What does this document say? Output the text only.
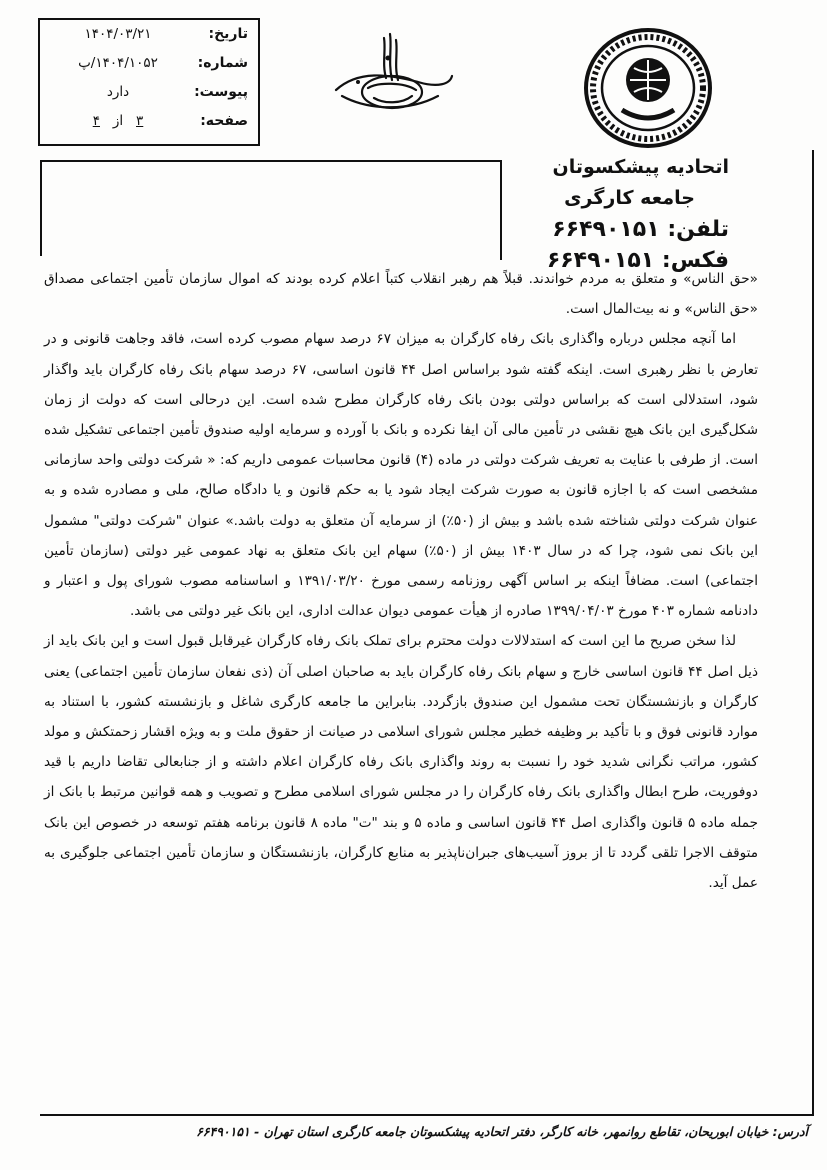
تاریخ:
۱۴۰۴/۰۳/۲۱
شماره:
۱۴۰۴/۱۰۵۲/پ
پیوست:
دارد
صفحه:
۳   از   ۴
اتحادیه پیشکسوتان
جامعه کارگری
تلفن: ۶۶۴۹۰۱۵۱
فکس: ۶۶۴۹۰۱۵۱

«حق الناس» و متعلق به مردم خواندند. قبلاً هم رهبر انقلاب کتباً اعلام کرده بودند که اموال سازمان تأمین اجتماعی مصداق «حق الناس» و نه بیت‌المال است.

اما آنچه مجلس درباره واگذاری بانک رفاه کارگران به میزان ۶۷ درصد سهام مصوب کرده است، فاقد وجاهت قانونی و در تعارض با نظر رهبری است. اینکه گفته شود براساس اصل ۴۴ قانون اساسی، ۶۷ درصد سهام بانک رفاه کارگران باید واگذار شود، استدلالی است که براساس دولتی بودن بانک رفاه کارگران مطرح شده است. این درحالی است که دولت از زمان شکل‌گیری این بانک هیچ نقشی در تأمین مالی آن ایفا نکرده و بانک با آورده و سرمایه اولیه صندوق تأمین اجتماعی تشکیل شده است. از طرفی با عنایت به تعریف شرکت دولتی در ماده (۴) قانون محاسبات عمومی داریم که: « شرکت دولتی واحد سازمانی مشخصی است که با اجازه قانون به صورت شرکت ایجاد شود یا به حکم قانون و یا دادگاه صالح، ملی و مصادره شده و به عنوان شرکت دولتی شناخته شده باشد و بیش از (۵۰٪) از سرمایه آن متعلق به دولت باشد.» عنوان "شرکت دولتی" مشمول این بانک نمی شود، چرا که در سال ۱۴۰۳ بیش از (۵۰٪) سهام این بانک متعلق به نهاد عمومی غیر دولتی (سازمان تأمین اجتماعی) است. مضافاً اینکه بر اساس آگهی روزنامه رسمی مورخ ۱۳۹۱/۰۳/۲۰ و اساسنامه مصوب شورای پول و اعتبار و دادنامه شماره ۴۰۳ مورخ ۱۳۹۹/۰۴/۰۳ صادره از هیأت عمومی دیوان عدالت اداری، این بانک غیر دولتی می باشد.

لذا سخن صریح ما این است که استدلالات دولت محترم برای تملک بانک رفاه کارگران غیرقابل قبول است و این بانک باید از ذیل اصل ۴۴ قانون اساسی خارج و سهام بانک رفاه کارگران باید به صاحبان اصلی آن (ذی نفعان سازمان تأمین اجتماعی) یعنی کارگران و بازنشستگان تحت مشمول این صندوق بازگردد. بنابراین ما جامعه کارگری شاغل و بازنشسته کشور، با استناد به موارد قانونی فوق و با تأکید بر وظیفه خطیر مجلس شورای اسلامی در صیانت از حقوق ملت و به ویژه اقشار زحمتکش و مولد کشور، مراتب نگرانی شدید خود را نسبت به روند واگذاری بانک رفاه کارگران اعلام داشته و از جنابعالی تقاضا داریم با قید دوفوریت، طرح ابطال واگذاری بانک رفاه کارگران را در مجلس شورای اسلامی مطرح و تصویب و همه قوانین مرتبط با بانک از جمله ماده ۵ قانون واگذاری اصل ۴۴ قانون اساسی و ماده ۵ و بند "ت" ماده ۸ قانون برنامه هفتم توسعه در خصوص این بانک متوقف الاجرا تلقی گردد تا از بروز آسیب‌های جبران‌ناپذیر به منابع کارگران، بازنشستگان و سازمان تأمین اجتماعی جلوگیری به عمل آید.

آدرس: خیابان ابوریحان، تقاطع روانمهر، خانه کارگر، دفتر اتحادیه پیشکسوتان جامعه کارگری استان تهران - ۶۶۴۹۰۱۵۱
